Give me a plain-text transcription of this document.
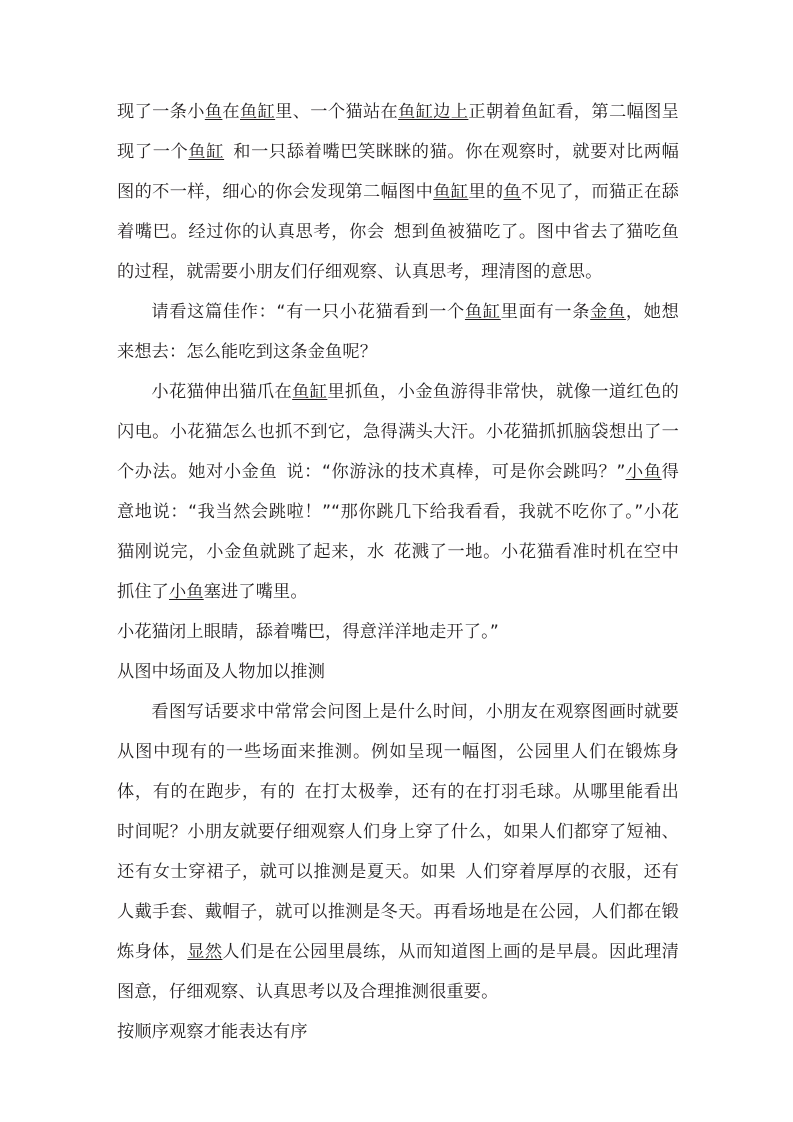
现了一条小鱼在鱼缸里、一个猫站在鱼缸边上正朝着鱼缸看，第二幅图呈现了一个鱼缸 和一只舔着嘴巴笑眯眯的猫。你在观察时，就要对比两幅图的不一样，细心的你会发现第二幅图中鱼缸里的鱼不见了，而猫正在舔着嘴巴。经过你的认真思考，你会 想到鱼被猫吃了。图中省去了猫吃鱼的过程，就需要小朋友们仔细观察、认真思考，理清图的意思。

请看这篇佳作：“有一只小花猫看到一个鱼缸里面有一条金鱼，她想来想去：怎么能吃到这条金鱼呢？

小花猫伸出猫爪在鱼缸里抓鱼，小金鱼游得非常快，就像一道红色的闪电。小花猫怎么也抓不到它，急得满头大汗。小花猫抓抓脑袋想出了一个办法。她对小金鱼 说：“你游泳的技术真棒，可是你会跳吗？”小鱼得意地说：“我当然会跳啦！”“那你跳几下给我看看，我就不吃你了。”小花猫刚说完，小金鱼就跳了起来，水 花溅了一地。小花猫看准时机在空中抓住了小鱼塞进了嘴里。

小花猫闭上眼睛，舔着嘴巴，得意洋洋地走开了。”

从图中场面及人物加以推测

看图写话要求中常常会问图上是什么时间，小朋友在观察图画时就要从图中现有的一些场面来推测。例如呈现一幅图，公园里人们在锻炼身体，有的在跑步，有的 在打太极拳，还有的在打羽毛球。从哪里能看出时间呢？小朋友就要仔细观察人们身上穿了什么，如果人们都穿了短袖、还有女士穿裙子，就可以推测是夏天。如果 人们穿着厚厚的衣服，还有人戴手套、戴帽子，就可以推测是冬天。再看场地是在公园，人们都在锻炼身体，显然人们是在公园里晨练，从而知道图上画的是早晨。因此理清图意，仔细观察、认真思考以及合理推测很重要。

按顺序观察才能表达有序
